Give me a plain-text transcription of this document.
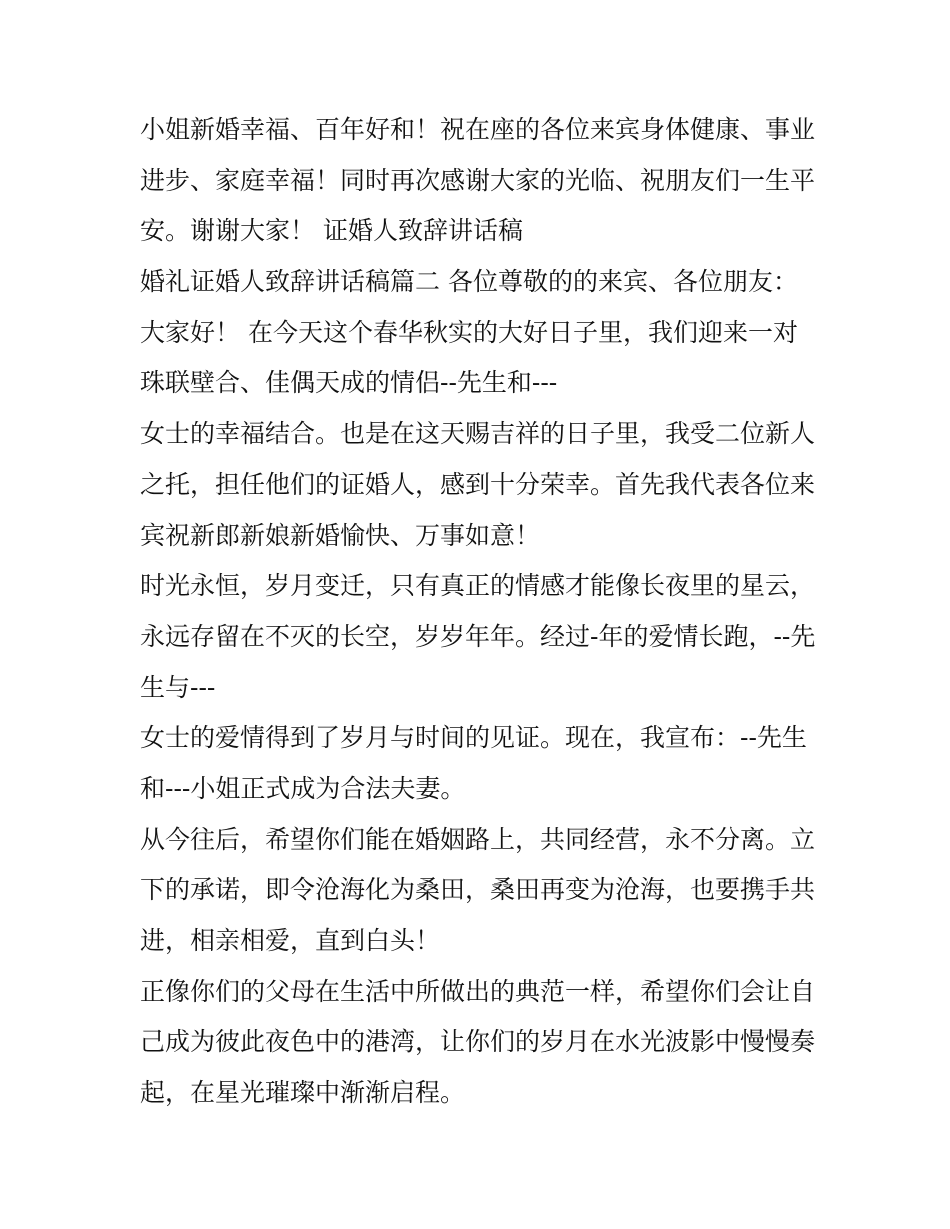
小姐新婚幸福、百年好和！祝在座的各位来宾身体健康、事业
进步、家庭幸福！同时再次感谢大家的光临、祝朋友们一生平
安。谢谢大家！ 证婚人致辞讲话稿
婚礼证婚人致辞讲话稿篇二 各位尊敬的的来宾、各位朋友：
大家好！ 在今天这个春华秋实的大好日子里，我们迎来一对
珠联壁合、佳偶天成的情侣--先生和---
女士的幸福结合。也是在这天赐吉祥的日子里，我受二位新人
之托，担任他们的证婚人，感到十分荣幸。首先我代表各位来
宾祝新郎新娘新婚愉快、万事如意！
时光永恒，岁月变迁，只有真正的情感才能像长夜里的星云，
永远存留在不灭的长空，岁岁年年。经过-年的爱情长跑，--先
生与---
女士的爱情得到了岁月与时间的见证。现在，我宣布：--先生
和---小姐正式成为合法夫妻。
从今往后，希望你们能在婚姻路上，共同经营，永不分离。立
下的承诺，即令沧海化为桑田，桑田再变为沧海，也要携手共
进，相亲相爱，直到白头！
正像你们的父母在生活中所做出的典范一样，希望你们会让自
己成为彼此夜色中的港湾，让你们的岁月在水光波影中慢慢奏
起，在星光璀璨中渐渐启程。
